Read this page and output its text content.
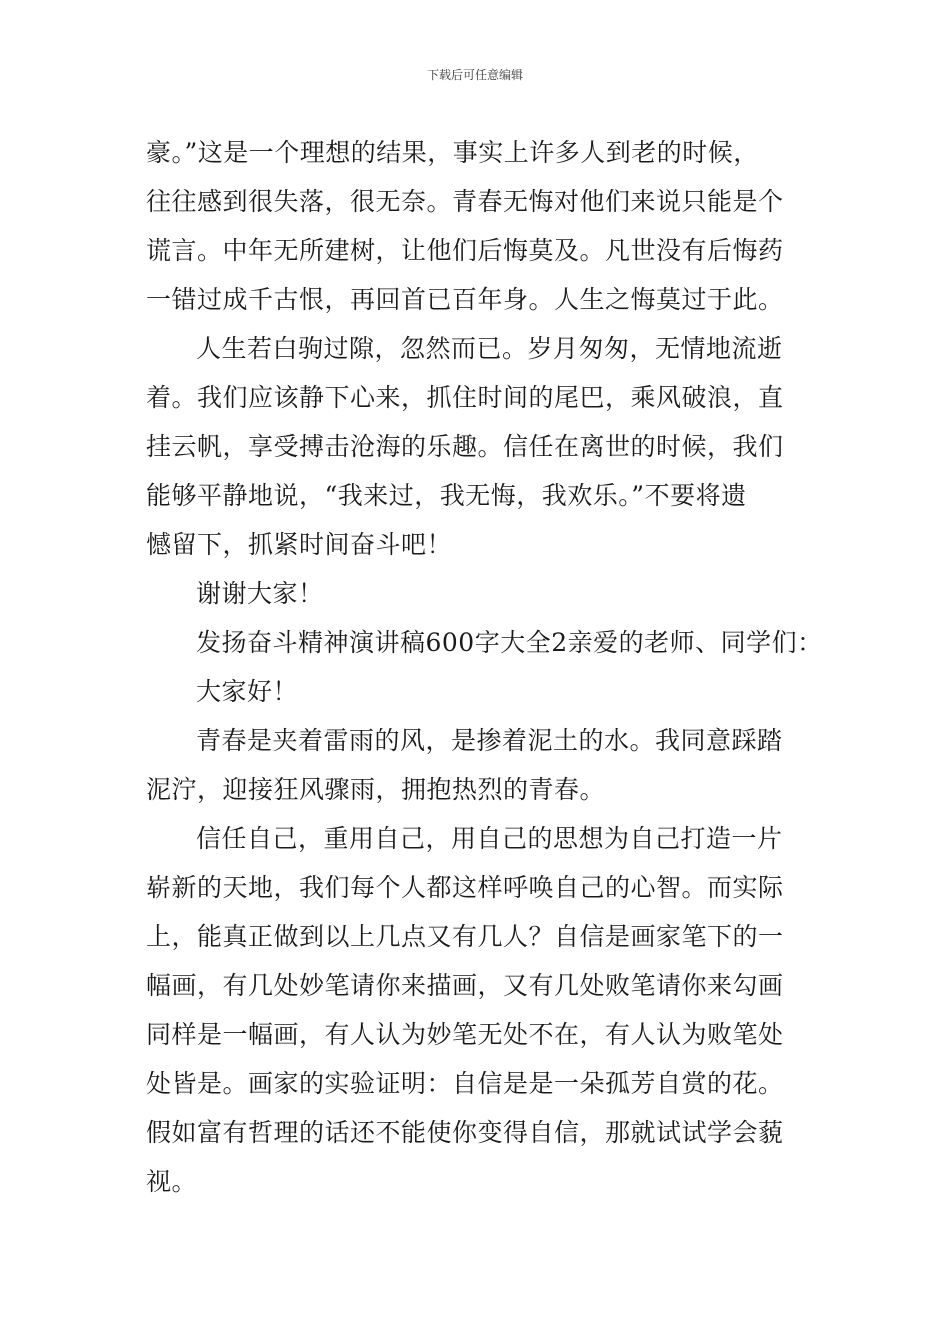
下载后可任意编辑
豪。”这是一个理想的结果，事实上许多人到老的时候，
往往感到很失落，很无奈。青春无悔对他们来说只能是个
谎言。中年无所建树，让他们后悔莫及。凡世没有后悔药
一错过成千古恨，再回首已百年身。人生之悔莫过于此。
人生若白驹过隙，忽然而已。岁月匆匆，无情地流逝
着。我们应该静下心来，抓住时间的尾巴，乘风破浪，直
挂云帆，享受搏击沧海的乐趣。信任在离世的时候，我们
能够平静地说，“我来过，我无悔，我欢乐。”不要将遗
憾留下，抓紧时间奋斗吧！
谢谢大家！
发扬奋斗精神演讲稿600字大全2亲爱的老师、同学们：
大家好！
青春是夹着雷雨的风，是掺着泥土的水。我同意踩踏
泥泞，迎接狂风骤雨，拥抱热烈的青春。
信任自己，重用自己，用自己的思想为自己打造一片
崭新的天地，我们每个人都这样呼唤自己的心智。而实际
上，能真正做到以上几点又有几人？自信是画家笔下的一
幅画，有几处妙笔请你来描画，又有几处败笔请你来勾画
同样是一幅画，有人认为妙笔无处不在，有人认为败笔处
处皆是。画家的实验证明：自信是是一朵孤芳自赏的花。
假如富有哲理的话还不能使你变得自信，那就试试学会藐
视。
